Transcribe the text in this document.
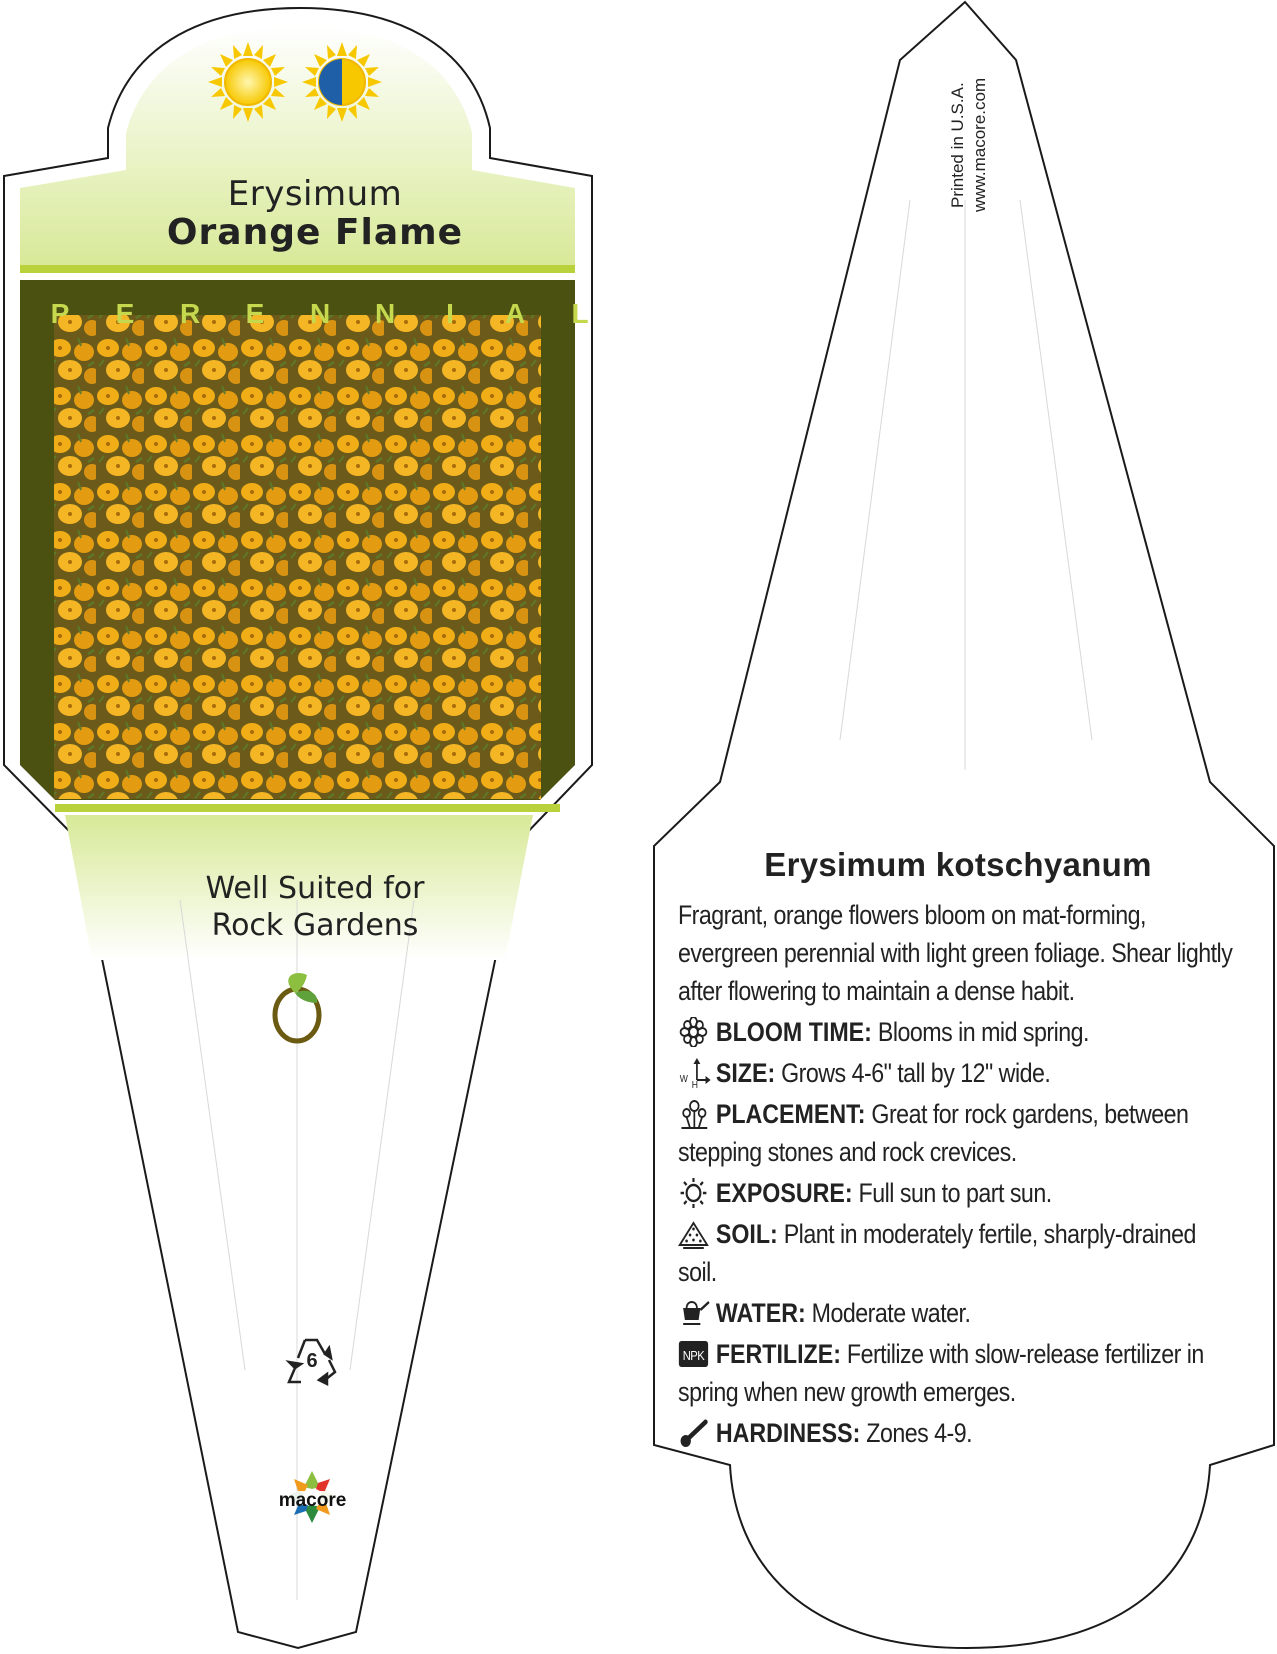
Erysimum
Orange Flame
P E R E N N I A L
Well Suited for
Rock Gardens
6
macore
Printed in U.S.A. www.macore.com
Erysimum kotschyanum
Fragrant, orange flowers bloom on mat-forming, evergreen perennial with light green foliage. Shear lightly after flowering to maintain a dense habit.
BLOOM TIME: Blooms in mid spring.
W
H SIZE: Grows 4-6" tall by 12" wide.
PLACEMENT: Great for rock gardens, between stepping stones and rock crevices.
EXPOSURE: Full sun to part sun.
SOIL: Plant in moderately fertile, sharply-drained soil.
WATER: Moderate water.
NPK FERTILIZE: Fertilize with slow-release fertilizer in spring when new growth emerges.
HARDINESS: Zones 4-9.
